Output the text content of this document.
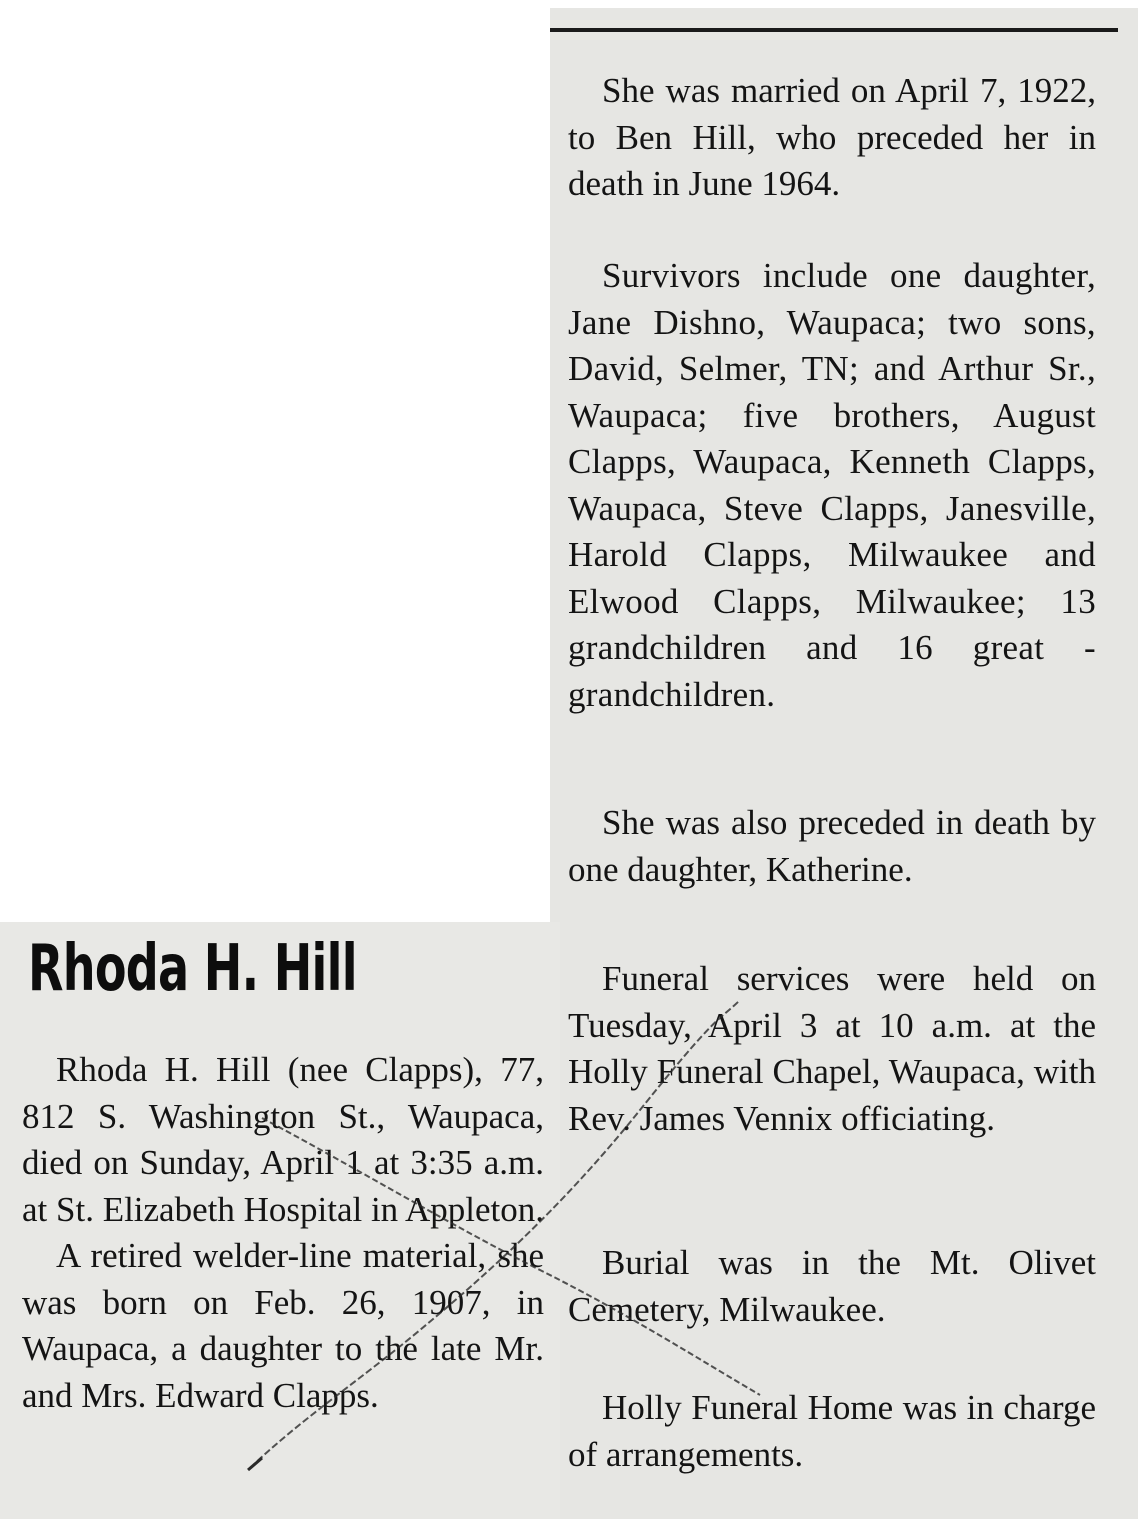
Rhoda H. Hill

Rhoda H. Hill (nee Clapps), 77, 812 S. Washington St., Waupaca, died on Sunday, April 1 at 3:35 a.m. at St. Elizabeth Hospital in Appleton.

A retired welder-line material, she was born on Feb. 26, 1907, in Waupaca, a daughter to the late Mr. and Mrs. Edward Clapps.

She was married on April 7, 1922, to Ben Hill, who preceded her in death in June 1964.

Survivors include one daughter, Jane Dishno, Waupaca; two sons, David, Selmer, TN; and Arthur Sr., Waupaca; five brothers, August Clapps, Waupaca, Kenneth Clapps, Waupaca, Steve Clapps, Janesville, Harold Clapps, Milwaukee and Elwood Clapps, Milwaukee; 13 grandchildren and 16 great - grandchildren.

She was also preceded in death by one daughter, Katherine.

Funeral services were held on Tuesday, April 3 at 10 a.m. at the Holly Funeral Chapel, Waupaca, with Rev. James Vennix officiating.

Burial was in the Mt. Olivet Cemetery, Milwaukee.

Holly Funeral Home was in charge of arrangements.
